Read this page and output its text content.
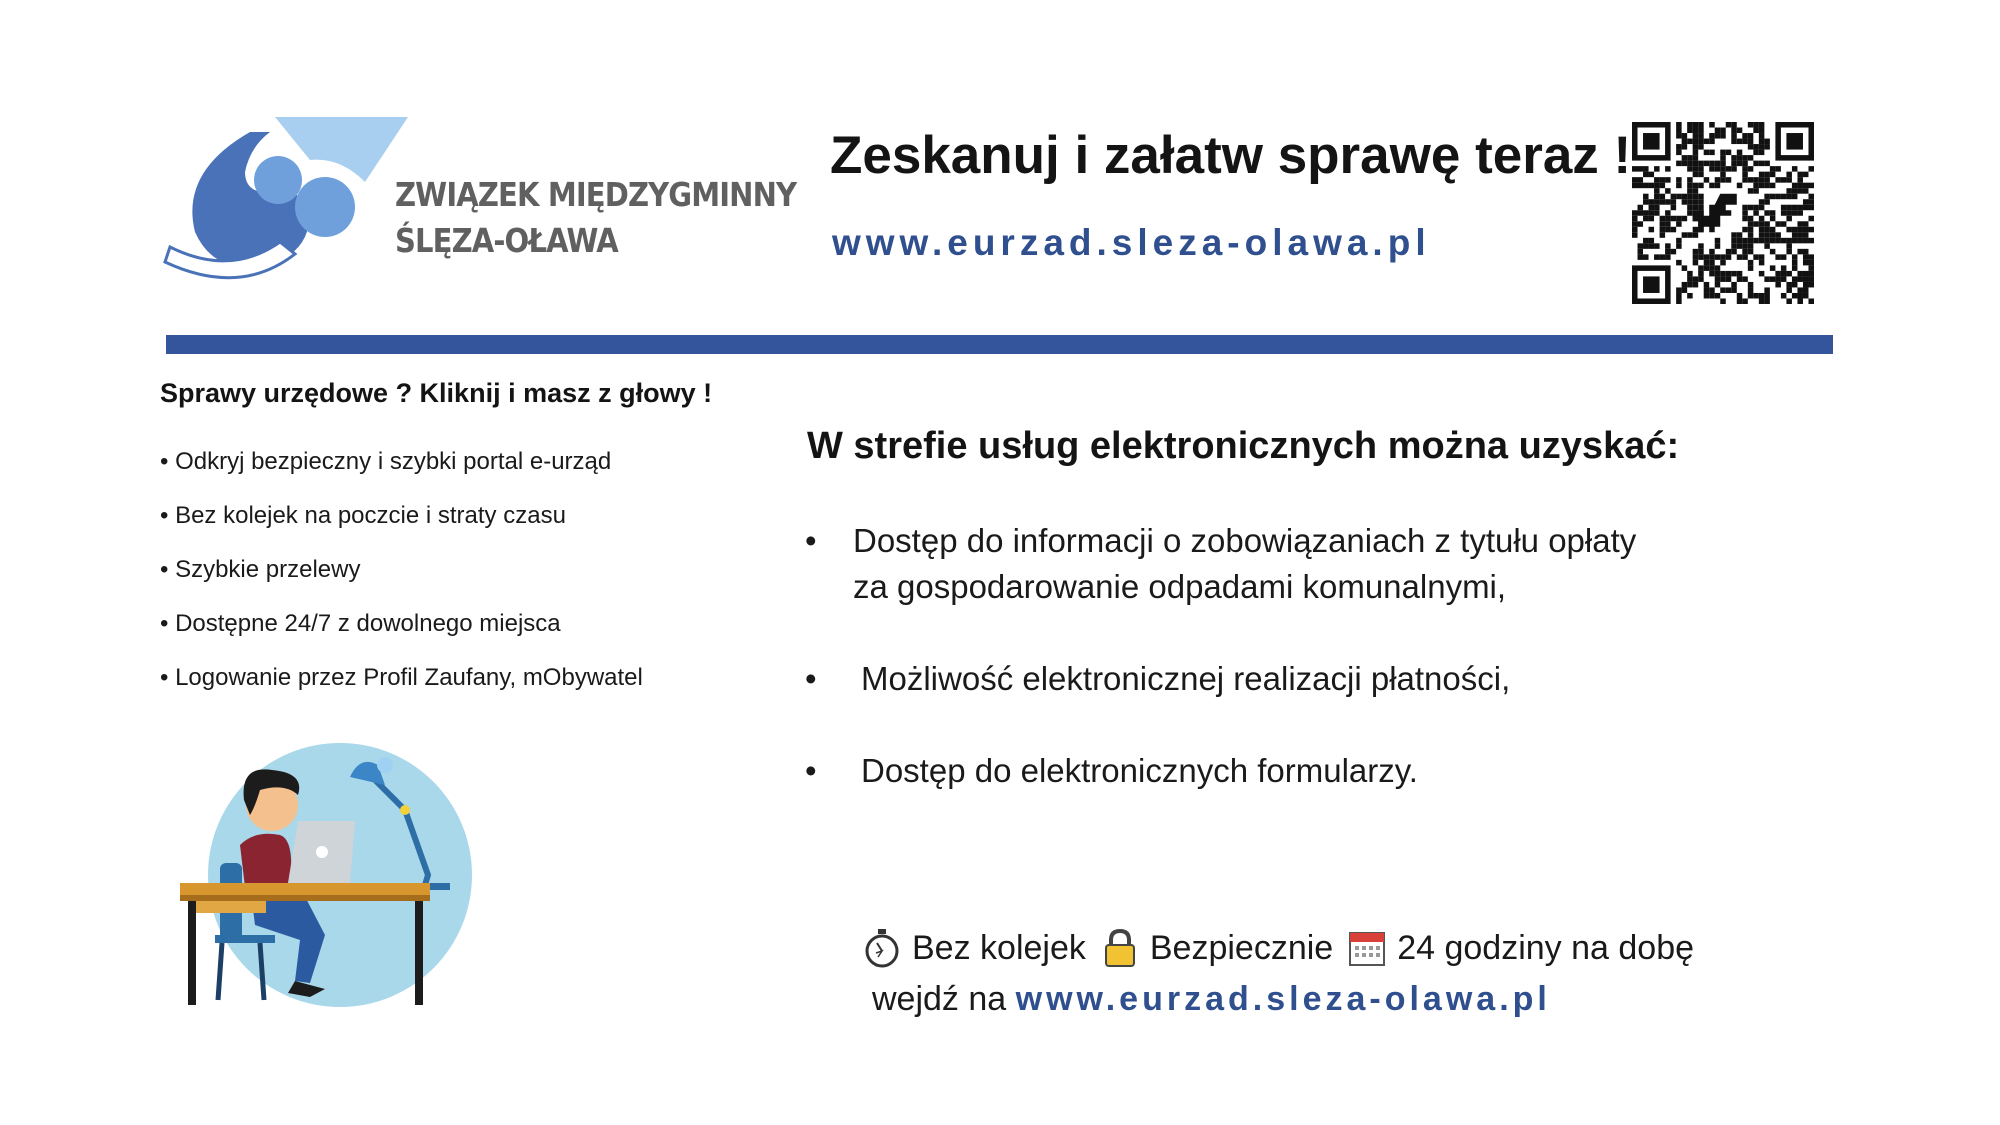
ZWIĄZEK MIĘDZYGMINNY
ŚLĘZA-OŁAWA
Zeskanuj i załatw sprawę teraz !
www.eurzad.sleza-olawa.pl
Sprawy urzędowe ? Kliknij i masz z głowy !
• Odkryj bezpieczny i szybki portal e-urząd
• Bez kolejek na poczcie i straty czasu
• Szybkie przelewy
• Dostępne 24/7 z dowolnego miejsca
• Logowanie przez Profil Zaufany, mObywatel
W strefie usług elektronicznych można uzyskać:
• Dostęp do informacji o zobowiązaniach z tytułu opłaty
za gospodarowanie odpadami komunalnymi,
• Możliwość elektronicznej realizacji płatności,
• Dostęp do elektronicznych formularzy.
Bez kolejek Bezpiecznie 24 godziny na dobę
wejdź na www.eurzad.sleza-olawa.pl
